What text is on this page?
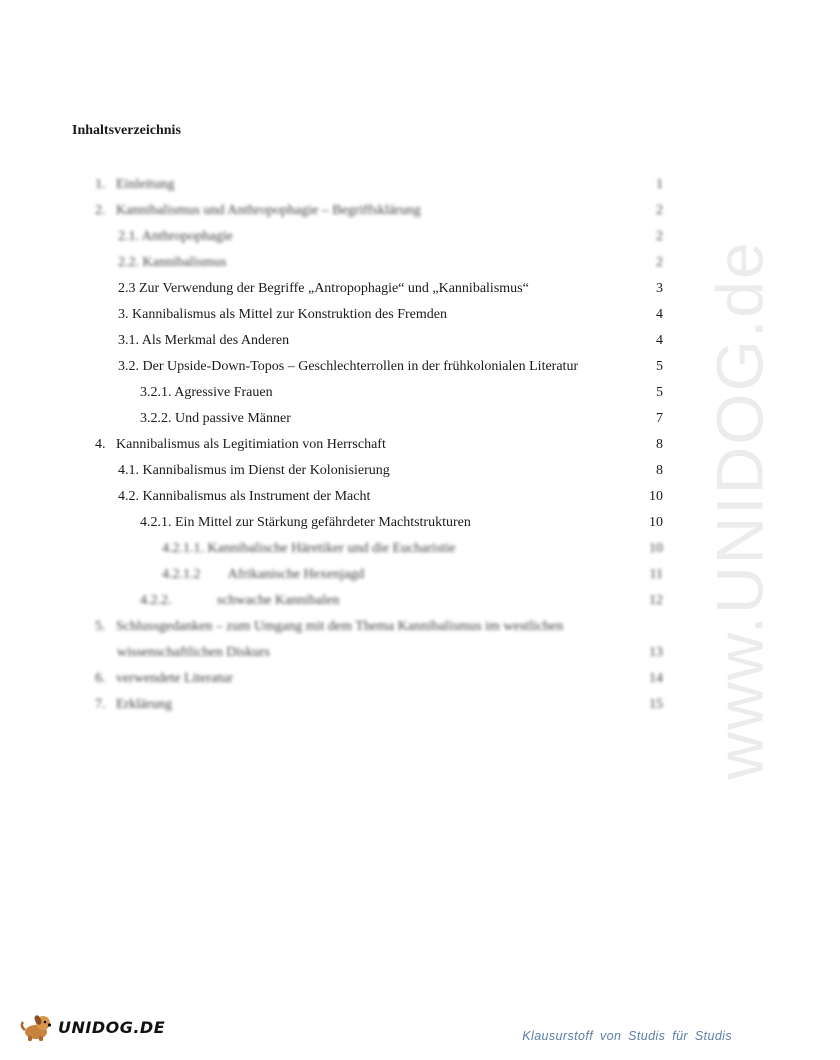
Inhaltsverzeichnis
1.   Einleitung	1
2.   Kannibalismus und Anthropophagie – Begriffsklärung	2
2.1. Anthropophagie	2
2.2. Kannibalismus	2
2.3 Zur Verwendung der Begriffe „Antropophagie“ und „Kannibalismus“	3
3. Kannibalismus als Mittel zur Konstruktion des Fremden	4
3.1. Als Merkmal des Anderen	4
3.2. Der Upside-Down-Topos – Geschlechterrollen in der frühkolonialen Literatur	5
3.2.1. Agressive Frauen	5
3.2.2. Und passive Männer	7
4.   Kannibalismus als Legitimiation von Herrschaft	8
4.1. Kannibalismus im Dienst der Kolonisierung	8
4.2. Kannibalismus als Instrument der Macht	10
4.2.1. Ein Mittel zur Stärkung gefährdeter Machtstrukturen	10
4.2.1.1. Kannibalische Häretiker und die Eucharistie	10
4.2.1.2        Afrikanische Hexenjagd	11
4.2.2.             schwache Kannibalen	12
5.   Schlussgedanken – zum Umgang mit dem Thema Kannibalismus im westlichen
wissenschaftlichen Diskurs	13
6.   verwendete Literatur	14
7.   Erklärung	15 www.UNIDOG.de
UNIDOG.DE	Klausurstoff von Studis für Studis
